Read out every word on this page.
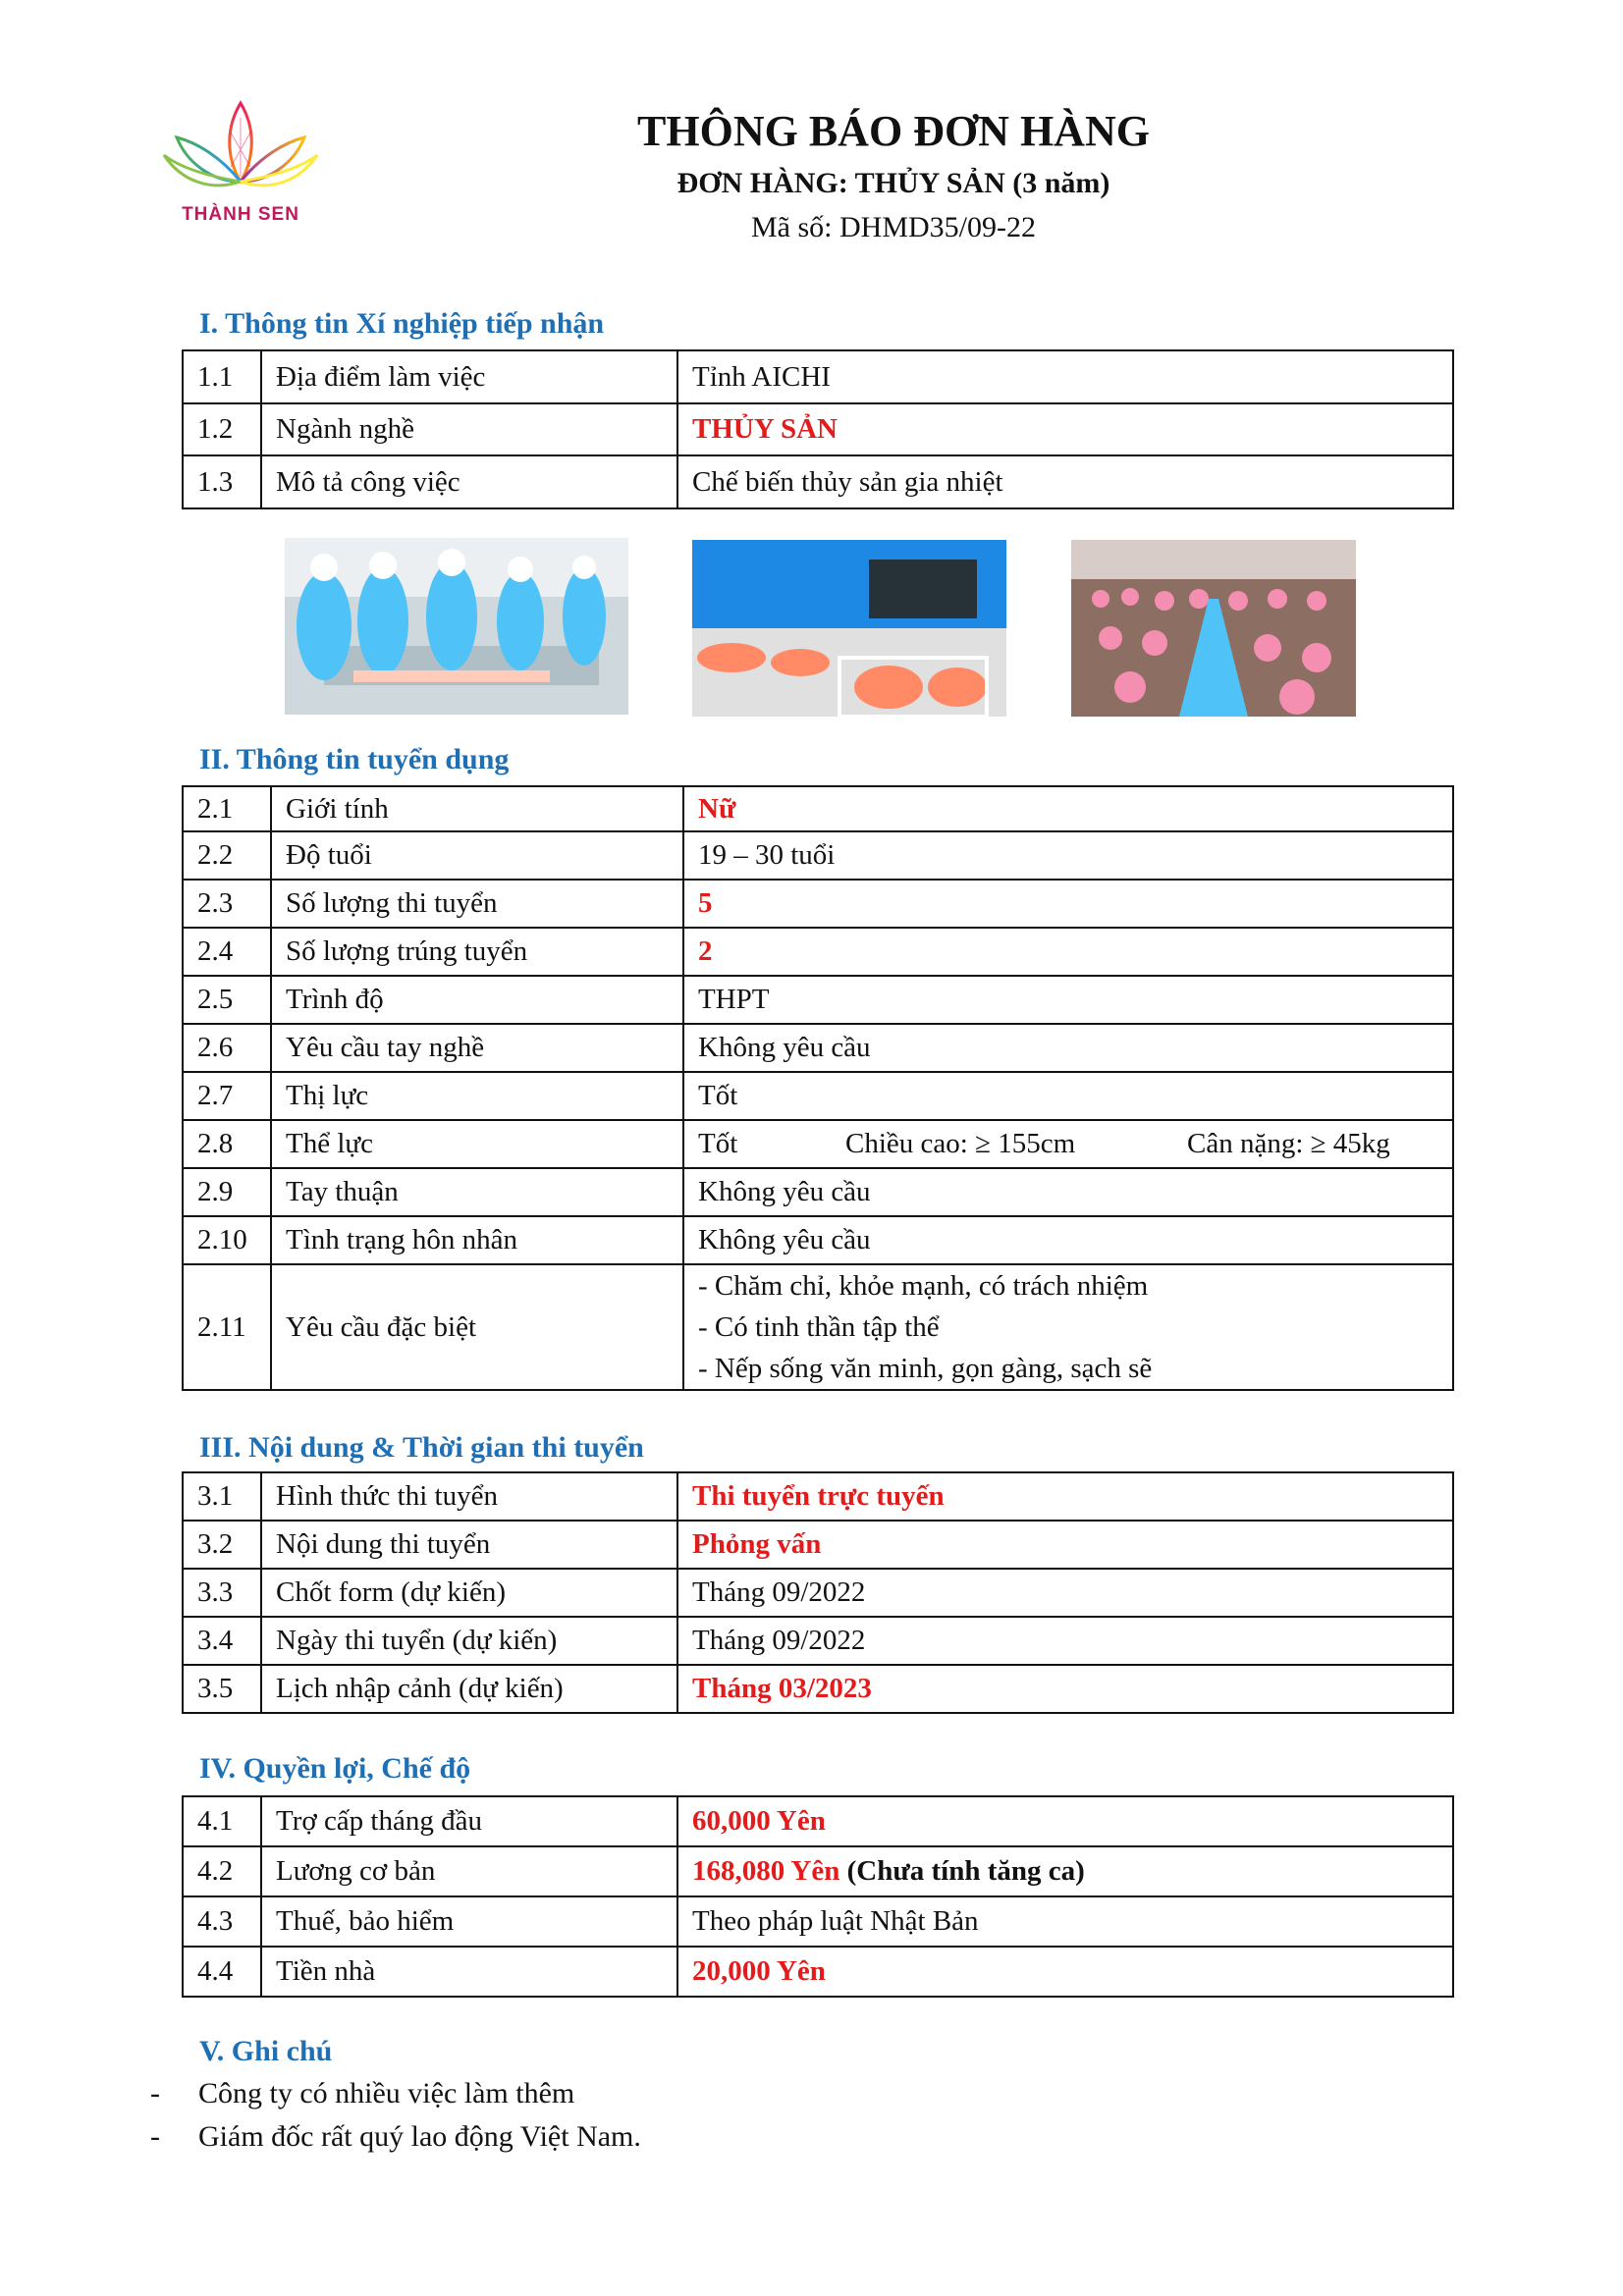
THÀNH SEN
THÔNG BÁO ĐƠN HÀNG
ĐƠN HÀNG: THỦY SẢN (3 năm)
Mã số: DHMD35/09-22
I. Thông tin Xí nghiệp tiếp nhận
1.1	Địa điểm làm việc	Tỉnh AICHI
1.2	Ngành nghề	THỦY SẢN
1.3	Mô tả công việc	Chế biến thủy sản gia nhiệt
II. Thông tin tuyển dụng
2.1	Giới tính	Nữ
2.2	Độ tuổi	19 – 30 tuổi
2.3	Số lượng thi tuyển	5
2.4	Số lượng trúng tuyển	2
2.5	Trình độ	THPT
2.6	Yêu cầu tay nghề	Không yêu cầu
2.7	Thị lực	Tốt
2.8	Thể lực	Tốt Chiều cao: ≥ 155cm Cân nặng: ≥ 45kg
2.9	Tay thuận	Không yêu cầu
2.10	Tình trạng hôn nhân	Không yêu cầu
2.11	Yêu cầu đặc biệt	- Chăm chỉ, khỏe mạnh, có trách nhiệm
- Có tinh thần tập thể
- Nếp sống văn minh, gọn gàng, sạch sẽ
III. Nội dung & Thời gian thi tuyển
3.1	Hình thức thi tuyển	Thi tuyển trực tuyến
3.2	Nội dung thi tuyển	Phỏng vấn
3.3	Chốt form (dự kiến)	Tháng 09/2022
3.4	Ngày thi tuyển (dự kiến)	Tháng 09/2022
3.5	Lịch nhập cảnh (dự kiến)	Tháng 03/2023
IV. Quyền lợi, Chế độ
4.1	Trợ cấp tháng đầu	60,000 Yên
4.2	Lương cơ bản	168,080 Yên (Chưa tính tăng ca)
4.3	Thuế, bảo hiểm	Theo pháp luật Nhật Bản
4.4	Tiền nhà	20,000 Yên
V. Ghi chú
- Công ty có nhiều việc làm thêm
- Giám đốc rất quý lao động Việt Nam.
